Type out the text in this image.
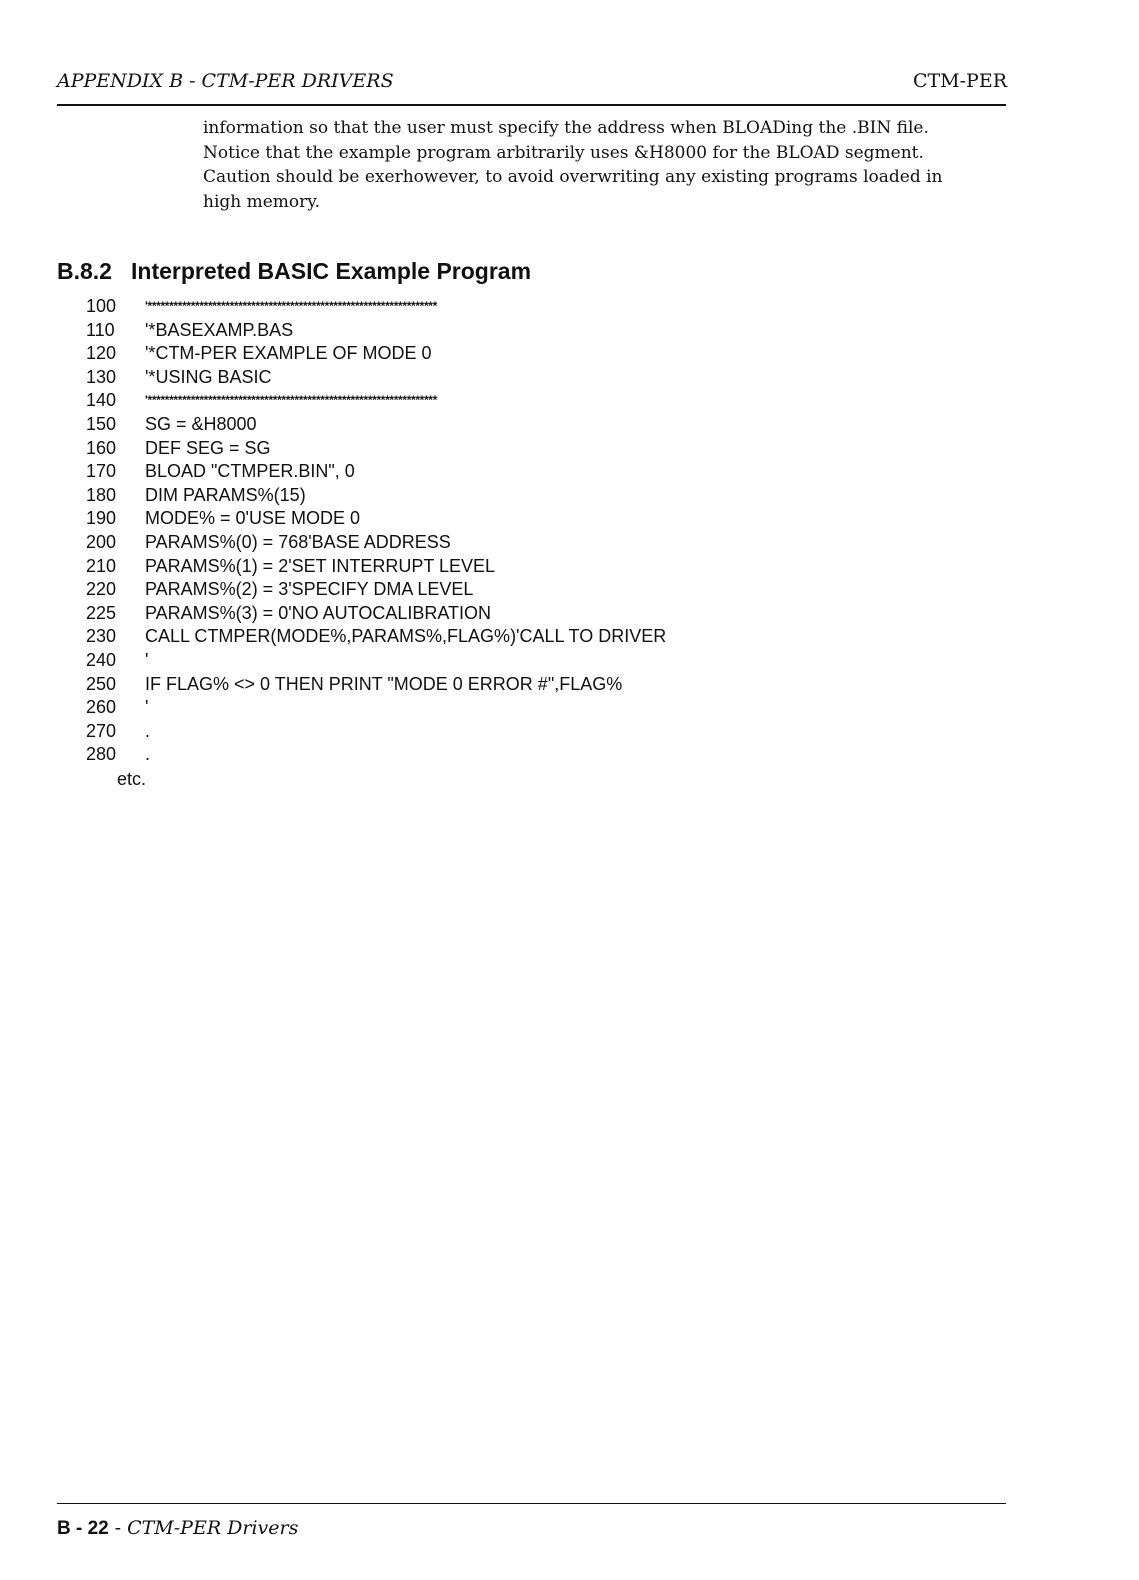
APPENDIX B - CTM-PER DRIVERS	CTM-PER
information so that the user must specify the address when BLOADing the .BIN file.
Notice that the example program arbitrarily uses &H8000 for the BLOAD segment.
Caution should be exerhowever, to avoid overwriting any existing programs loaded in
high memory.
B.8.2 Interpreted BASIC Example Program
100	'*******************************************************************
110	'*BASEXAMP.BAS
120	'*CTM-PER EXAMPLE OF MODE 0
130	'*USING BASIC
140	'*******************************************************************
150	SG = &H8000
160	DEF SEG = SG
170	BLOAD "CTMPER.BIN", 0
180	DIM PARAMS%(15)
190	MODE% = 0'USE MODE 0
200	PARAMS%(0) = 768'BASE ADDRESS
210	PARAMS%(1) = 2'SET INTERRUPT LEVEL
220	PARAMS%(2) = 3'SPECIFY DMA LEVEL
225	PARAMS%(3) = 0'NO AUTOCALIBRATION
230	CALL CTMPER(MODE%,PARAMS%,FLAG%)'CALL TO DRIVER
240	'
250	IF FLAG% <> 0 THEN PRINT "MODE 0 ERROR #",FLAG%
260	'
270	.
280	.
etc.
B - 22 - CTM-PER Drivers
